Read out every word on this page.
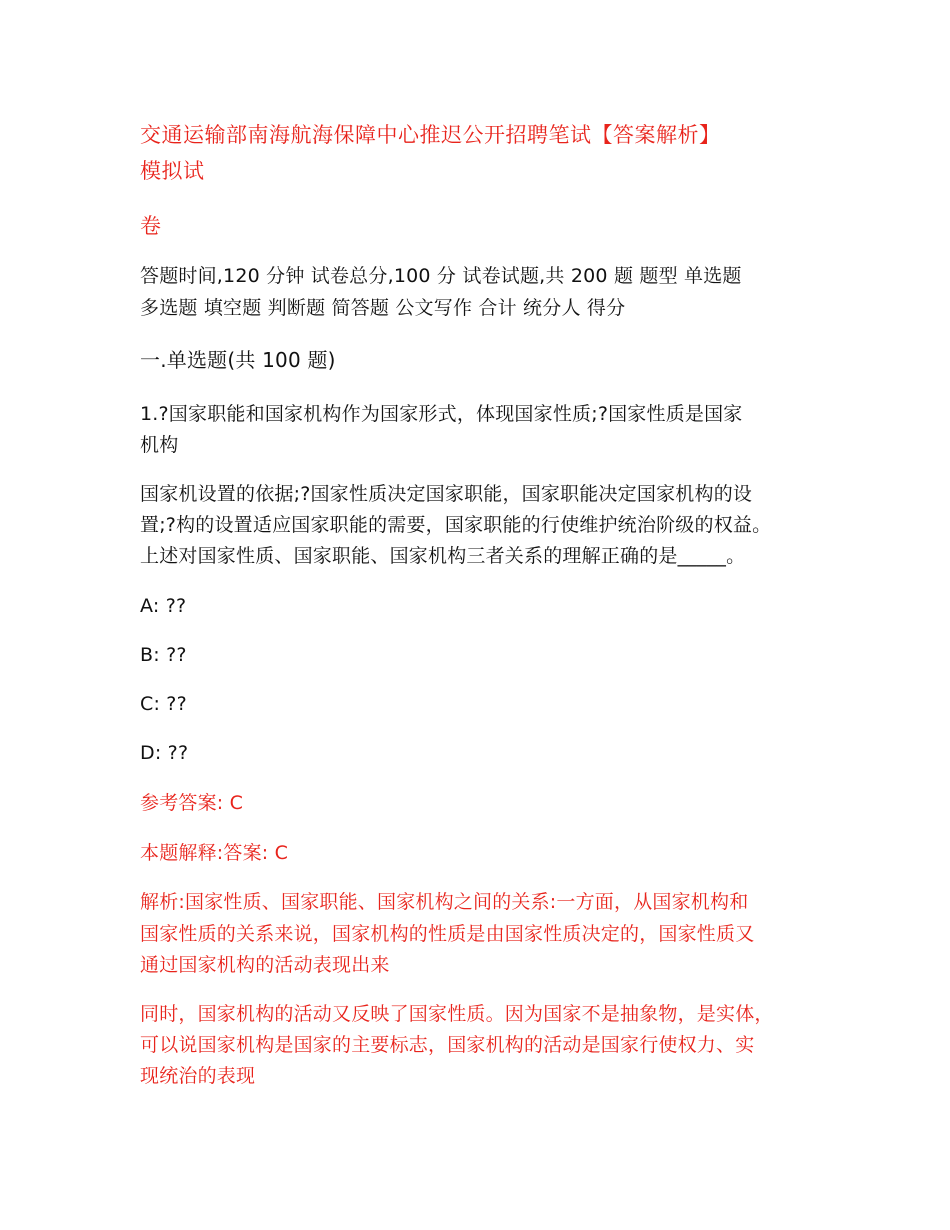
交通运输部南海航海保障中心推迟公开招聘笔试【答案解析】
模拟试
卷
答题时间,120 分钟 试卷总分,100 分 试卷试题,共 200 题 题型 单选题
多选题 填空题 判断题 简答题 公文写作 合计 统分人 得分
一.单选题(共 100 题)
1.?国家职能和国家机构作为国家形式，体现国家性质;?国家性质是国家
机构
国家机设置的依据;?国家性质决定国家职能，国家职能决定国家机构的设
置;?构的设置适应国家职能的需要，国家职能的行使维护统治阶级的权益。
上述对国家性质、国家职能、国家机构三者关系的理解正确的是_____。
A: ??
B: ??
C: ??
D: ??
参考答案: C
本题解释:答案: C
解析:国家性质、国家职能、国家机构之间的关系:一方面，从国家机构和
国家性质的关系来说，国家机构的性质是由国家性质决定的，国家性质又
通过国家机构的活动表现出来
同时，国家机构的活动又反映了国家性质。因为国家不是抽象物，是实体，
可以说国家机构是国家的主要标志，国家机构的活动是国家行使权力、实
现统治的表现
